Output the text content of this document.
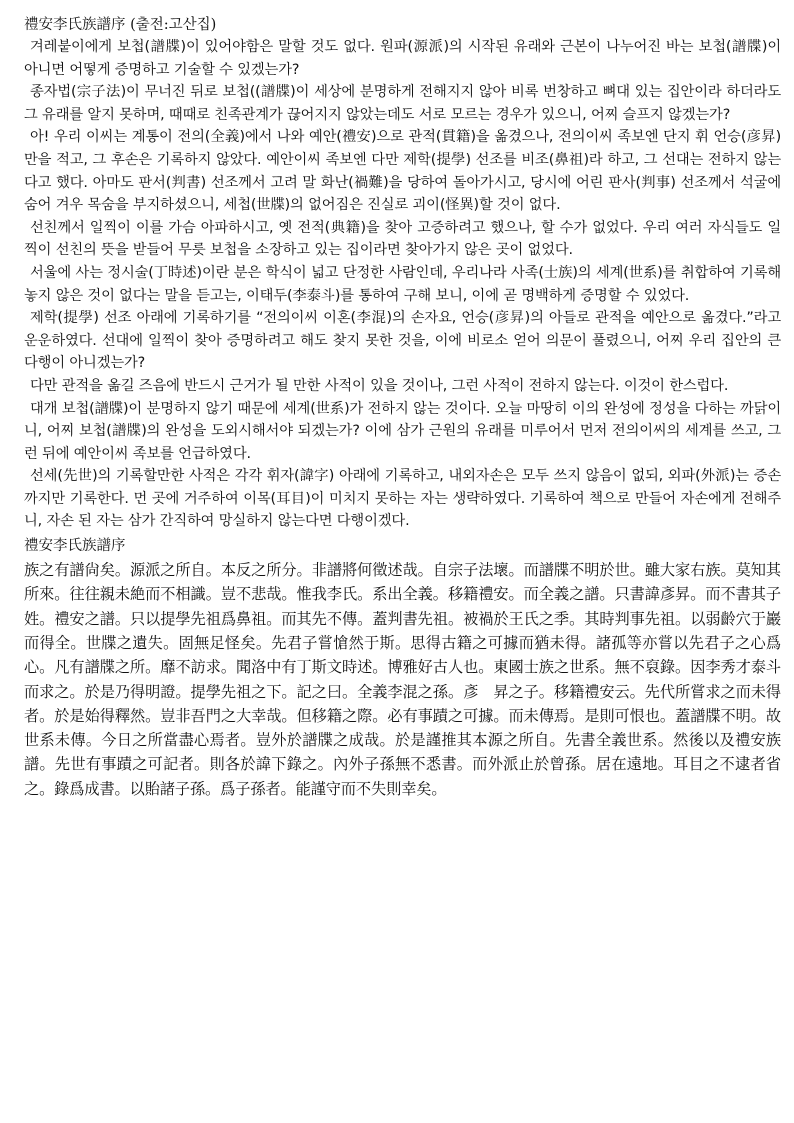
禮安李氏族譜序 (출전:고산집)

겨레붙이에게 보첩(譜牒)이 있어야함은 말할 것도 없다. 원파(源派)의 시작된 유래와 근본이 나누어진 바는 보첩(譜牒)이 아니면 어떻게 증명하고 기술할 수 있겠는가?

종자법(宗子法)이 무너진 뒤로 보첩((譜牒)이 세상에 분명하게 전해지지 않아 비록 번창하고 뼈대 있는 집안이라 하더라도 그 유래를 알지 못하며, 때때로 친족관계가 끊어지지 않았는데도 서로 모르는 경우가 있으니, 어찌 슬프지 않겠는가?

아! 우리 이씨는 계통이 전의(全義)에서 나와 예안(禮安)으로 관적(貫籍)을 옮겼으나, 전의이씨 족보엔 단지 휘 언승(彦昇)만을 적고, 그 후손은 기록하지 않았다. 예안이씨 족보엔 다만 제학(提學) 선조를 비조(鼻祖)라 하고, 그 선대는 전하지 않는다고 했다. 아마도 판서(判書) 선조께서 고려 말 화난(禍難)을 당하여 돌아가시고, 당시에 어린 판사(判事) 선조께서 석굴에 숨어 겨우 목숨을 부지하셨으니, 세첩(世牒)의 없어짐은 진실로 괴이(怪異)할 것이 없다.

선친께서 일찍이 이를 가슴 아파하시고, 옛 전적(典籍)을 찾아 고증하려고 했으나, 할 수가 없었다. 우리 여러 자식들도 일찍이 선친의 뜻을 받들어 무릇 보첩을 소장하고 있는 집이라면 찾아가지 않은 곳이 없었다.

서울에 사는 정시술(丁時述)이란 분은 학식이 넓고 단정한 사람인데, 우리나라 사족(士族)의 세계(世系)를 취합하여 기록해 놓지 않은 것이 없다는 말을 듣고는, 이태두(李泰斗)를 통하여 구해 보니, 이에 곧 명백하게 증명할 수 있었다.

제학(提學) 선조 아래에 기록하기를 “전의이씨 이혼(李混)의 손자요, 언승(彦昇)의 아들로 관적을 예안으로 옮겼다.”라고 운운하였다. 선대에 일찍이 찾아 증명하려고 해도 찾지 못한 것을, 이에 비로소 얻어 의문이 풀렸으니, 어찌 우리 집안의 큰 다행이 아니겠는가?

다만 관적을 옮길 즈음에 반드시 근거가 될 만한 사적이 있을 것이나, 그런 사적이 전하지 않는다. 이것이 한스럽다.

대개 보첩(譜牒)이 분명하지 않기 때문에 세계(世系)가 전하지 않는 것이다. 오늘 마땅히 이의 완성에 정성을 다하는 까닭이니, 어찌 보첩(譜牒)의 완성을 도외시해서야 되겠는가? 이에 삼가 근원의 유래를 미루어서 먼저 전의이씨의 세계를 쓰고, 그런 뒤에 예안이씨 족보를 언급하였다.

선세(先世)의 기록할만한 사적은 각각 휘자(諱字) 아래에 기록하고, 내외자손은 모두 쓰지 않음이 없되, 외파(外派)는 증손까지만 기록한다. 먼 곳에 거주하여 이목(耳目)이 미치지 못하는 자는 생략하였다. 기록하여 책으로 만들어 자손에게 전해주니, 자손 된 자는 삼가 간직하여 망실하지 않는다면 다행이겠다.

禮安李氏族譜序

族之有譜尙矣。源派之所自。本反之所分。非譜將何徵述哉。自宗子法壞。而譜牒不明於世。雖大家右族。莫知其所來。往往親未絶而不相識。豈不悲哉。惟我李氏。系出全義。移籍禮安。而全義之譜。只書諱彥昇。而不書其子姓。禮安之譜。只以提學先祖爲鼻祖。而其先不傳。蓋判書先祖。被禍於王氏之季。其時判事先祖。以弱齡穴于巖而得全。世牒之遺失。固無足怪矣。先君子嘗愴然于斯。思得古籍之可據而猶未得。諸孤等亦嘗以先君子之心爲心。凡有譜牒之所。靡不訪求。聞洛中有丁斯文時述。博雅好古人也。東國士族之世系。無不裒錄。因李秀才泰斗而求之。於是乃得明證。提學先祖之下。記之曰。全義李混之孫。彥　昇之子。移籍禮安云。先代所嘗求之而未得者。於是始得釋然。豈非吾門之大幸哉。但移籍之際。必有事蹟之可據。而未傳焉。是則可恨也。蓋譜牒不明。故世系未傳。今日之所當盡心焉者。豈外於譜牒之成哉。於是謹推其本源之所自。先書全義世系。然後以及禮安族譜。先世有事蹟之可記者。則各於諱下錄之。內外子孫無不悉書。而外派止於曾孫。居在遠地。耳目之不逮者省之。錄爲成書。以貽諸子孫。爲子孫者。能謹守而不失則幸矣。
